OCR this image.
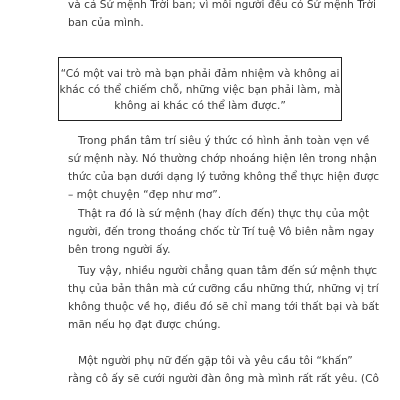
và cả Sứ mệnh Trời ban; vì mỗi người đều có Sứ mệnh Trời
ban của mình.
“Có một vai trò mà bạn phải đảm nhiệm và không ai
khác có thể chiếm chỗ, những việc bạn phải làm, mà
không ai khác có thể làm được.”
Trong phần tâm trí siêu ý thức có hình ảnh toàn vẹn về
sứ mệnh này. Nó thường chớp nhoáng hiện lên trong nhận
thức của bạn dưới dạng lý tưởng không thể thực hiện được
– một chuyện “đẹp như mơ”.
Thật ra đó là sứ mệnh (hay đích đến) thực thụ của một
người, đến trong thoáng chốc từ Trí tuệ Vô biên nằm ngay
bên trong người ấy.
Tuy vậy, nhiều người chẳng quan tâm đến sứ mệnh thực
thụ của bản thân mà cứ cưỡng cầu những thứ, những vị trí
không thuộc về họ, điều đó sẽ chỉ mang tới thất bại và bất
mãn nếu họ đạt được chúng.
Một người phụ nữ đến gặp tôi và yêu cầu tôi “khấn”
rằng cô ấy sẽ cưới người đàn ông mà mình rất rất yêu. (Cô
